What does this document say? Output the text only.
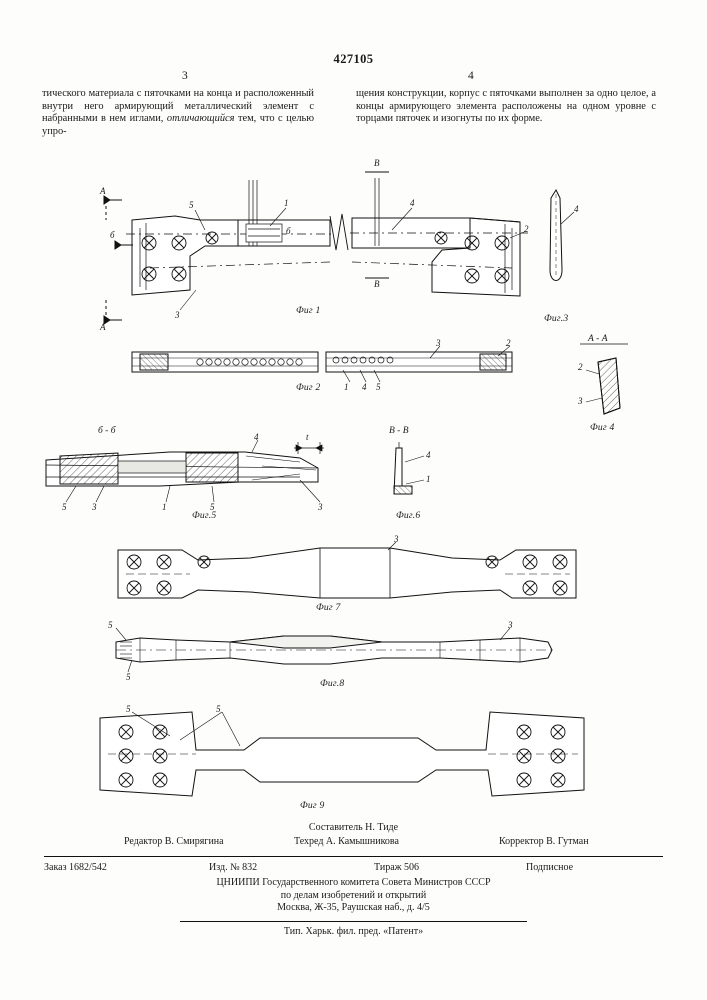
427105
3	4

тического материала с пяточками на конца и расположенный внутри него армирующий металлический элемент с набранными в нем иглами, отличающийся тем, что с целью упро-

щения конструкции, корпус с пяточками выполнен за одно целое, а концы армирующего элемента расположены на одном уровне с торцами пяточек и изогнуты по их форме.

Фиг 1
Фиг 2
Фиг.3
Фиг 4
Фиг.5	Фиг.6
Фиг 7
Фиг.8
Фиг 9
б - б	В - В
А - А
А
А
б	б
В
В
t
5	1	4
2
3
1 4 5
3	2
4
2
3
5	3	1	5	3
4
4
1
3
5
5
3
5	5
Составитель Н. Тиде
Редактор В. Смирягина	Техред А. Камышникова	Корректор В. Гутман
Заказ 1682/542	Изд. № 832	Тираж 506	Подписное
ЦНИИПИ Государственного комитета Совета Министров СССР
по делам изобретений и открытий
Москва, Ж-35, Раушская наб., д. 4/5
Тип. Харьк. фил. пред. «Патент»
